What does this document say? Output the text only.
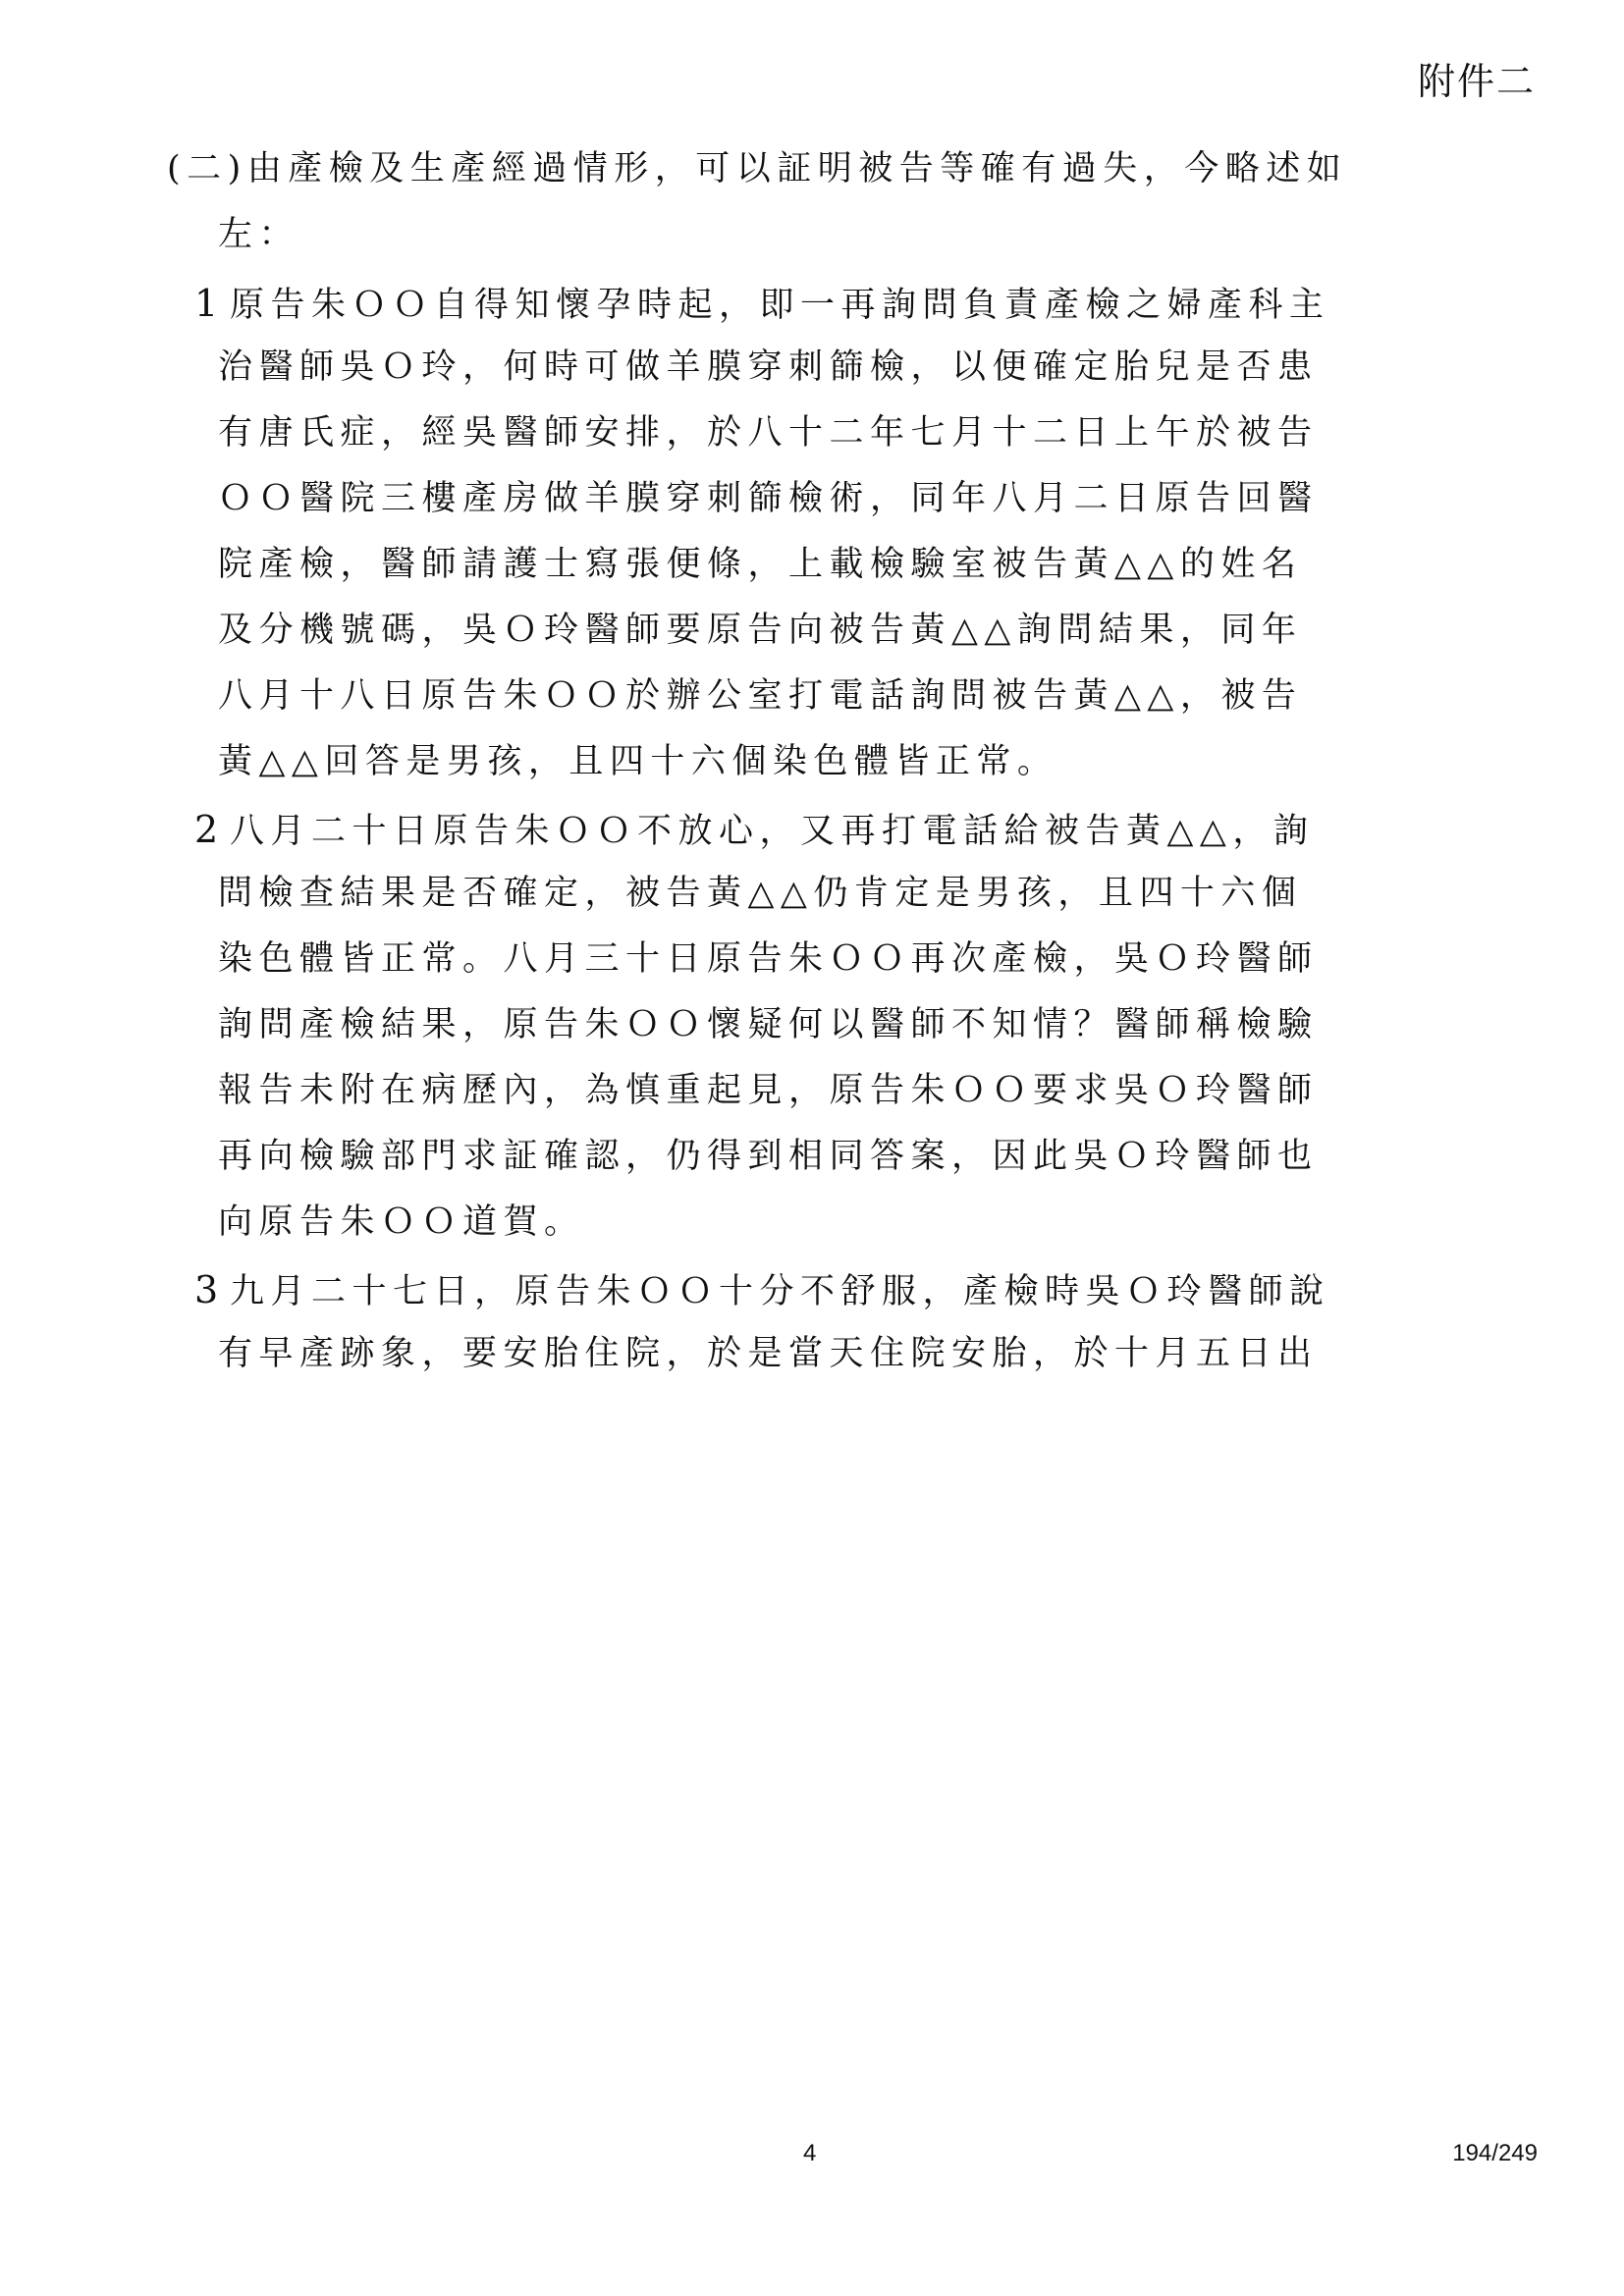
附件二
(二)由產檢及生產經過情形，可以証明被告等確有過失，今略述如
左：
1 原告朱ＯＯ自得知懷孕時起，即一再詢問負責產檢之婦產科主
治醫師吳Ｏ玲，何時可做羊膜穿刺篩檢，以便確定胎兒是否患
有唐氏症，經吳醫師安排，於八十二年七月十二日上午於被告
ＯＯ醫院三樓產房做羊膜穿刺篩檢術，同年八月二日原告回醫
院產檢，醫師請護士寫張便條，上載檢驗室被告黃△△的姓名
及分機號碼，吳Ｏ玲醫師要原告向被告黃△△詢問結果，同年
八月十八日原告朱ＯＯ於辦公室打電話詢問被告黃△△，被告
黃△△回答是男孩，且四十六個染色體皆正常。
2 八月二十日原告朱ＯＯ不放心，又再打電話給被告黃△△，詢
問檢查結果是否確定，被告黃△△仍肯定是男孩，且四十六個
染色體皆正常。八月三十日原告朱ＯＯ再次產檢，吳Ｏ玲醫師
詢問產檢結果，原告朱ＯＯ懷疑何以醫師不知情？醫師稱檢驗
報告未附在病歷內，為慎重起見，原告朱ＯＯ要求吳Ｏ玲醫師
再向檢驗部門求証確認，仍得到相同答案，因此吳Ｏ玲醫師也
向原告朱ＯＯ道賀。
3 九月二十七日，原告朱ＯＯ十分不舒服，產檢時吳Ｏ玲醫師說
有早產跡象，要安胎住院，於是當天住院安胎，於十月五日出
4	194/249
